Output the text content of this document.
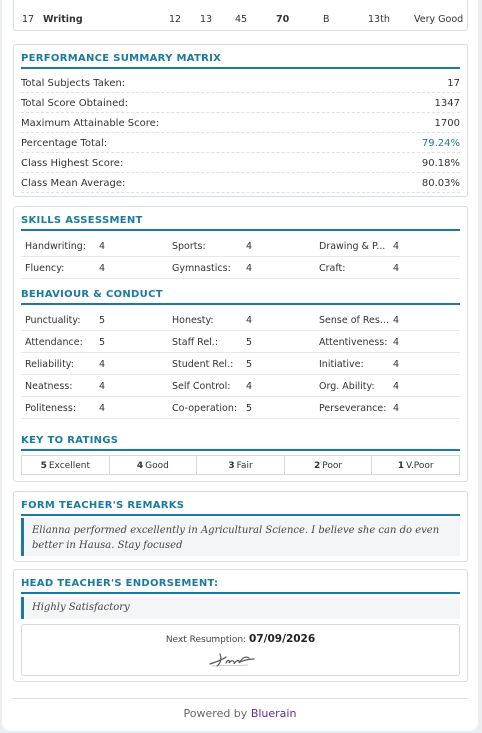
17 Writing	12 13 45	70	B	13th	Very Good
PERFORMANCE SUMMARY MATRIX
Total Subjects Taken:	17
Total Score Obtained:	1347
Maximum Attainable Score:	1700
Percentage Total:	79.24%
Class Highest Score:	90.18%
Class Mean Average:	80.03%
SKILLS ASSESSMENT
Handwriting: 4	Sports:	4	Drawing & P... 4
Fluency:	4	Gymnastics: 4	Craft:	4
BEHAVIOUR & CONDUCT
Punctuality: 5	Honesty:	4	Sense of Res... 4
Attendance: 5	Staff Rel.:	5	Attentiveness: 4
Reliability:	4	Student Rel.: 5	Initiative:	4
Neatness:	4	Self Control: 4	Org. Ability: 4
Politeness: 4	Co-operation: 5	Perseverance: 4
KEY TO RATINGS
5 Excellent	4 Good	3 Fair	2 Poor	1 V.Poor
FORM TEACHER'S REMARKS
Elianna performed excellently in Agricultural Science. I believe she can do even better in Hausa. Stay focused
HEAD TEACHER'S ENDORSEMENT:
Highly Satisfactory
Next Resumption: 07/09/2026
Powered by Bluerain
